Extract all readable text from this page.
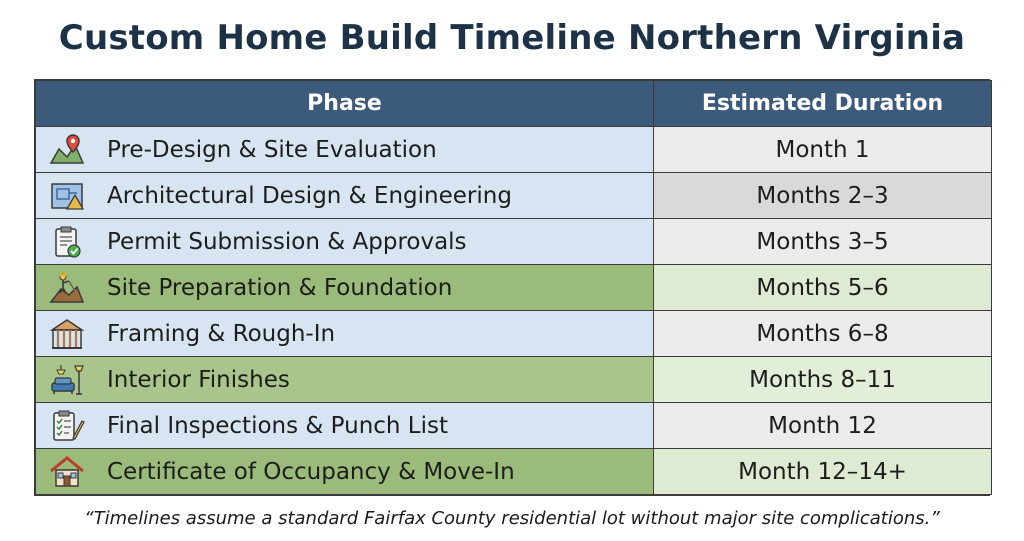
Custom Home Build Timeline Northern Virginia
Phase	Estimated Duration

Pre-Design & Site Evaluation	Month 1

Architectural Design & Engineering	Months 2–3

Permit Submission & Approvals	Months 3–5

Site Preparation & Foundation	Months 5–6

Framing & Rough-In	Months 6–8

Interior Finishes	Months 8–11

Final Inspections & Punch List	Month 12

Certificate of Occupancy & Move-In	Month 12–14+
“Timelines assume a standard Fairfax County residential lot without major site complications.”
